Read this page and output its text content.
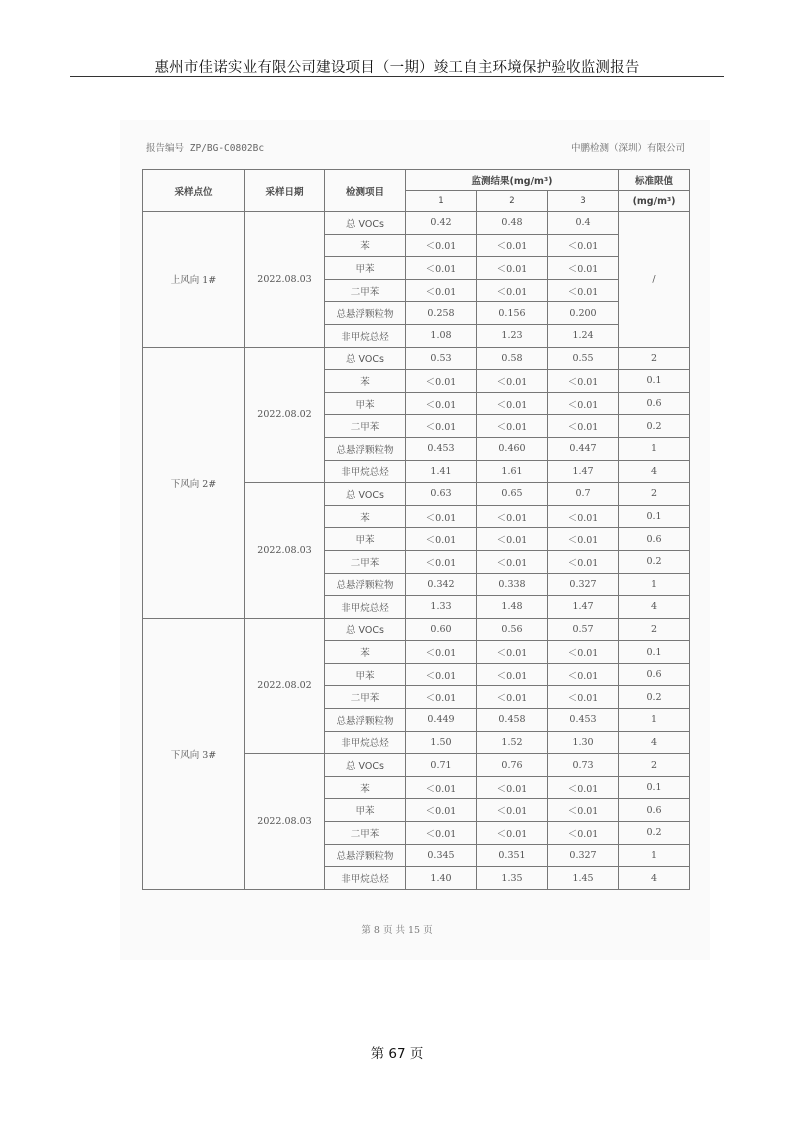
惠州市佳诺实业有限公司建设项目（一期）竣工自主环境保护验收监测报告
报告编号 ZP/BG-C0802Bc	中鹏检测（深圳）有限公司
采样点位	采样日期	检测项目	监测结果(mg/m³)			标准限值
			1	2	3	(mg/m³)
上风向 1#	2022.08.03	总 VOCs	0.42	0.48	0.4	/
		苯	＜0.01	＜0.01	＜0.01	
		甲苯	＜0.01	＜0.01	＜0.01	
		二甲苯	＜0.01	＜0.01	＜0.01	
		总悬浮颗粒物	0.258	0.156	0.200	
		非甲烷总烃	1.08	1.23	1.24	
下风向 2#	2022.08.02	总 VOCs	0.53	0.58	0.55	2
		苯	＜0.01	＜0.01	＜0.01	0.1
		甲苯	＜0.01	＜0.01	＜0.01	0.6
		二甲苯	＜0.01	＜0.01	＜0.01	0.2
		总悬浮颗粒物	0.453	0.460	0.447	1
		非甲烷总烃	1.41	1.61	1.47	4
	2022.08.03	总 VOCs	0.63	0.65	0.7	2
		苯	＜0.01	＜0.01	＜0.01	0.1
		甲苯	＜0.01	＜0.01	＜0.01	0.6
		二甲苯	＜0.01	＜0.01	＜0.01	0.2
		总悬浮颗粒物	0.342	0.338	0.327	1
		非甲烷总烃	1.33	1.48	1.47	4
下风向 3#	2022.08.02	总 VOCs	0.60	0.56	0.57	2
		苯	＜0.01	＜0.01	＜0.01	0.1
		甲苯	＜0.01	＜0.01	＜0.01	0.6
		二甲苯	＜0.01	＜0.01	＜0.01	0.2
		总悬浮颗粒物	0.449	0.458	0.453	1
		非甲烷总烃	1.50	1.52	1.30	4
	2022.08.03	总 VOCs	0.71	0.76	0.73	2
		苯	＜0.01	＜0.01	＜0.01	0.1
		甲苯	＜0.01	＜0.01	＜0.01	0.6
		二甲苯	＜0.01	＜0.01	＜0.01	0.2
		总悬浮颗粒物	0.345	0.351	0.327	1
		非甲烷总烃	1.40	1.35	1.45	4
第 8 页 共 15 页
第 67 页
